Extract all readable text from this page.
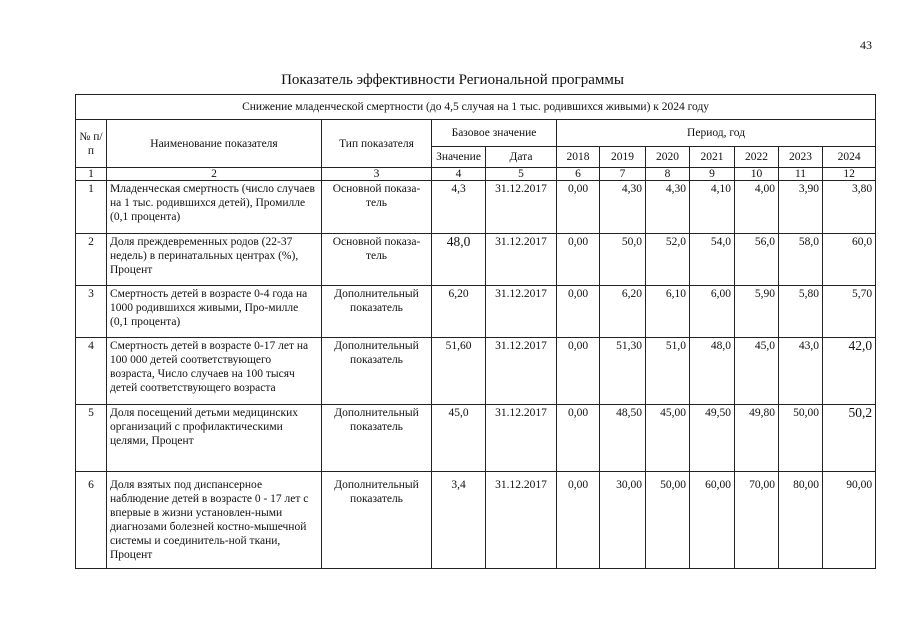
43
Показатель эффективности Региональной программы
Снижение младенческой смертности (до 4,5 случая на 1 тыс. родившихся живыми) к 2024 году											
№ п/п	Наименование показателя	Тип показателя	Базовое значение		Период, год						
			Значение	Дата	2018	2019	2020	2021	2022	2023	2024
1	2	3	4	5	6	7	8	9	10	11	12
1	Младенческая смертность (число случаев на 1 тыс. родившихся детей), Промилле (0,1 процента)	Основной показа-тель	4,3	31.12.2017	0,00	4,30	4,30	4,10	4,00	3,90	3,80
2	Доля преждевременных родов (22-37 недель) в перинатальных центрах (%), Процент	Основной показа-тель	48,0	31.12.2017	0,00	50,0	52,0	54,0	56,0	58,0	60,0
3	Смертность детей в возрасте 0-4 года на 1000 родившихся живыми, Про-милле (0,1 процента)	Дополнительный показатель	6,20	31.12.2017	0,00	6,20	6,10	6,00	5,90	5,80	5,70
4	Смертность детей в возрасте 0-17 лет на 100 000 детей соответствующего возраста, Число случаев на 100 тысяч детей соответствующего возраста	Дополнительный показатель	51,60	31.12.2017	0,00	51,30	51,0	48,0	45,0	43,0	42,0
5	Доля посещений детьми медицинских организаций с профилактическими целями, Процент	Дополнительный показатель	45,0	31.12.2017	0,00	48,50	45,00	49,50	49,80	50,00	50,2
6	Доля взятых под диспансерное наблюдение детей в возрасте 0 - 17 лет с впервые в жизни установлен-ными диагнозами болезней костно-мышечной системы и соединитель-ной ткани, Процент	Дополнительный показатель	3,4	31.12.2017	0,00	30,00	50,00	60,00	70,00	80,00	90,00
